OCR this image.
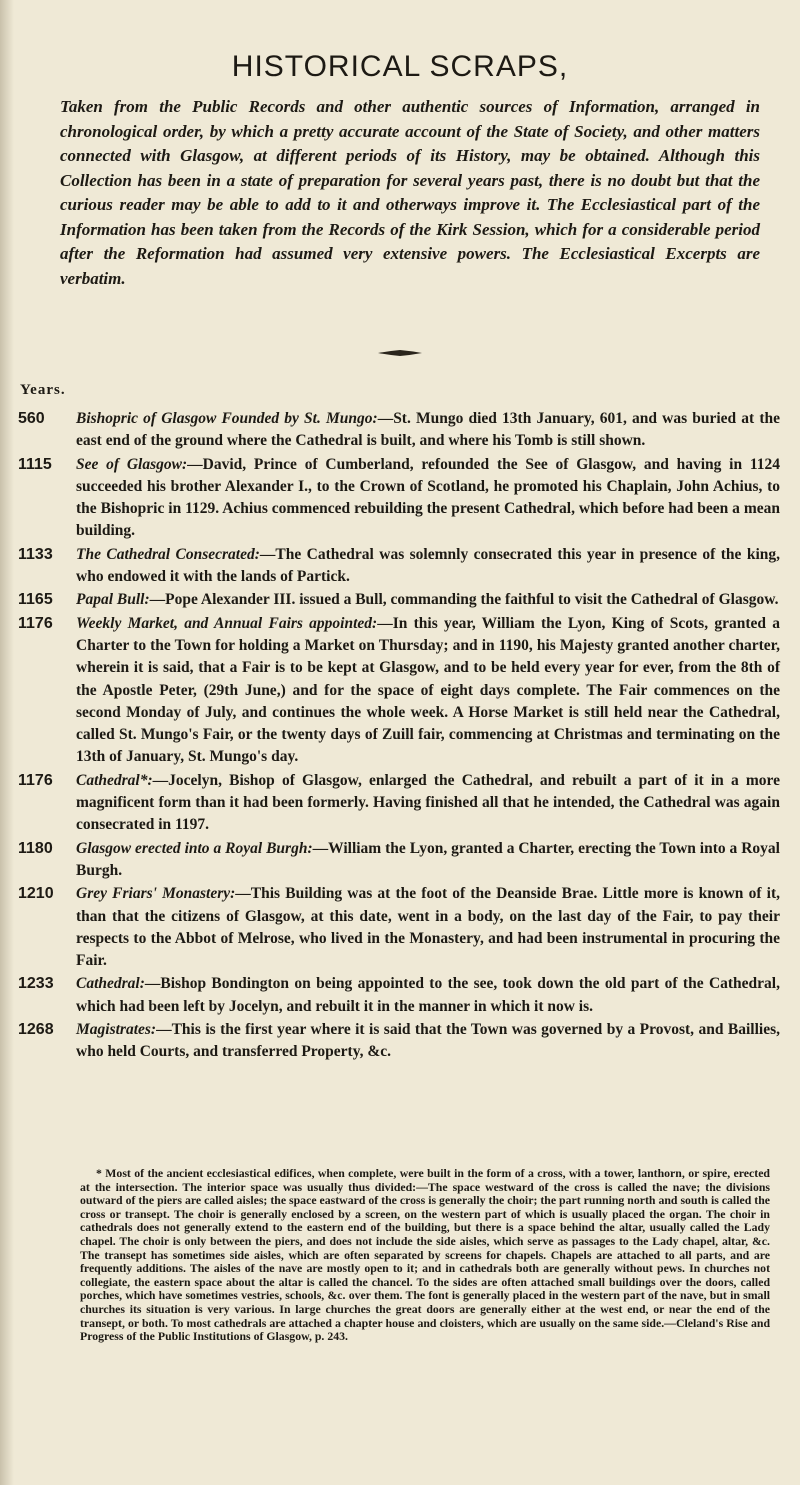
HISTORICAL SCRAPS,
Taken from the Public Records and other authentic sources of Information, arranged in chronological order, by which a pretty accurate account of the State of Society, and other matters connected with Glasgow, at different periods of its History, may be obtained. Although this Collection has been in a state of preparation for several years past, there is no doubt but that the curious reader may be able to add to it and otherways improve it. The Ecclesiastical part of the Information has been taken from the Records of the Kirk Session, which for a considerable period after the Reformation had assumed very extensive powers. The Ecclesiastical Excerpts are verbatim.
Years.
560	Bishopric of Glasgow Founded by St. Mungo:—St. Mungo died 13th January, 601, and was buried at the east end of the ground where the Cathedral is built, and where his Tomb is still shown.
1115	See of Glasgow:—David, Prince of Cumberland, refounded the See of Glasgow, and having in 1124 succeeded his brother Alexander I., to the Crown of Scotland, he promoted his Chaplain, John Achius, to the Bishopric in 1129. Achius commenced rebuilding the present Cathedral, which before had been a mean building.
1133	The Cathedral Consecrated:—The Cathedral was solemnly consecrated this year in presence of the king, who endowed it with the lands of Partick.
1165	Papal Bull:—Pope Alexander III. issued a Bull, commanding the faithful to visit the Cathedral of Glasgow.
1176	Weekly Market, and Annual Fairs appointed:—In this year, William the Lyon, King of Scots, granted a Charter to the Town for holding a Market on Thursday; and in 1190, his Majesty granted another charter, wherein it is said, that a Fair is to be kept at Glasgow, and to be held every year for ever, from the 8th of the Apostle Peter, (29th June,) and for the space of eight days complete. The Fair commences on the second Monday of July, and continues the whole week. A Horse Market is still held near the Cathedral, called St. Mungo's Fair, or the twenty days of Zuill fair, commencing at Christmas and terminating on the 13th of January, St. Mungo's day.
1176	Cathedral*:—Jocelyn, Bishop of Glasgow, enlarged the Cathedral, and rebuilt a part of it in a more magnificent form than it had been formerly. Having finished all that he intended, the Cathedral was again consecrated in 1197.
1180	Glasgow erected into a Royal Burgh:—William the Lyon, granted a Charter, erecting the Town into a Royal Burgh.
1210	Grey Friars' Monastery:—This Building was at the foot of the Deanside Brae. Little more is known of it, than that the citizens of Glasgow, at this date, went in a body, on the last day of the Fair, to pay their respects to the Abbot of Melrose, who lived in the Monastery, and had been instrumental in procuring the Fair.
1233	Cathedral:—Bishop Bondington on being appointed to the see, took down the old part of the Cathedral, which had been left by Jocelyn, and rebuilt it in the manner in which it now is.
1268	Magistrates:—This is the first year where it is said that the Town was governed by a Provost, and Baillies, who held Courts, and transferred Property, &c.
* Most of the ancient ecclesiastical edifices, when complete, were built in the form of a cross, with a tower, lanthorn, or spire, erected at the intersection. The interior space was usually thus divided:—The space westward of the cross is called the nave; the divisions outward of the piers are called aisles; the space eastward of the cross is generally the choir; the part running north and south is called the cross or transept. The choir is generally enclosed by a screen, on the western part of which is usually placed the organ. The choir in cathedrals does not generally extend to the eastern end of the building, but there is a space behind the altar, usually called the Lady chapel. The choir is only between the piers, and does not include the side aisles, which serve as passages to the Lady chapel, altar, &c. The transept has sometimes side aisles, which are often separated by screens for chapels. Chapels are attached to all parts, and are frequently additions. The aisles of the nave are mostly open to it; and in cathedrals both are generally without pews. In churches not collegiate, the eastern space about the altar is called the chancel. To the sides are often attached small buildings over the doors, called porches, which have sometimes vestries, schools, &c. over them. The font is generally placed in the western part of the nave, but in small churches its situation is very various. In large churches the great doors are generally either at the west end, or near the end of the transept, or both. To most cathedrals are attached a chapter house and cloisters, which are usually on the same side.—Cleland's Rise and Progress of the Public Institutions of Glasgow, p. 243.
